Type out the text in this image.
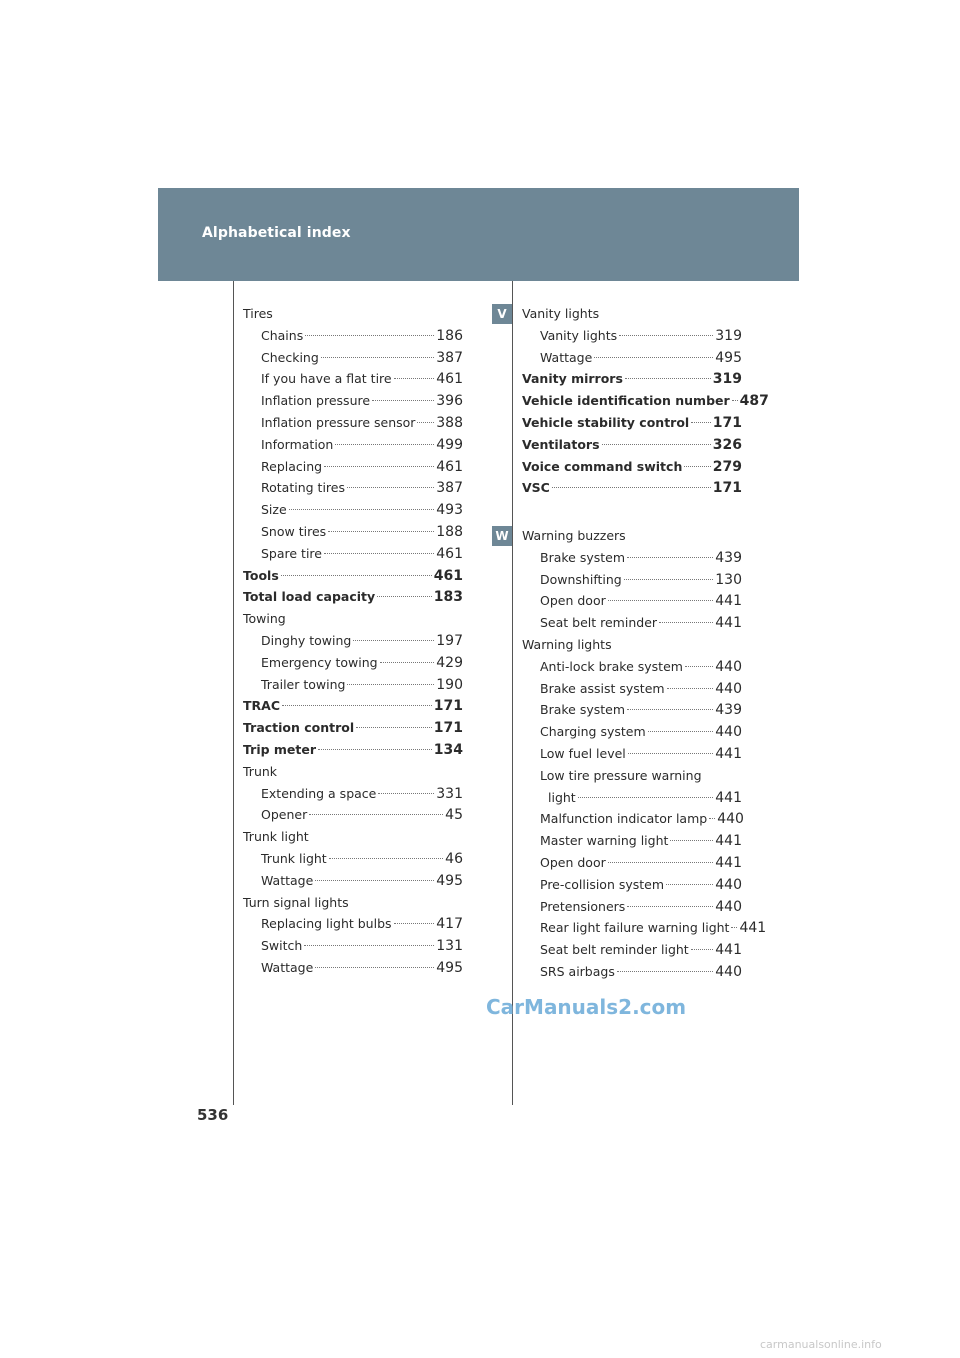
Alphabetical index
Tires
Chains	186
Checking	387
If you have a flat tire	461
Inflation pressure	396
Inflation pressure sensor 388
Information	499
Replacing	461
Rotating tires	387
Size	493
Snow tires	188
Spare tire	461
Tools	461
Total load capacity	183
Towing
Dinghy towing	197
Emergency towing	429
Trailer towing	190
TRAC	171
Traction control	171
Trip meter	134
Trunk
Extending a space	331
Opener	45
Trunk light
Trunk light	46
Wattage	495
Turn signal lights
Replacing light bulbs	417
Switch	131
Wattage	495
V	Vanity lights
Vanity lights	319
Wattage	495
Vanity mirrors	319
Vehicle identification number 487
Vehicle stability control 171
Ventilators	326
Voice command switch 279
VSC	171
W Warning buzzers
Brake system	439
Downshifting	130
Open door	441
Seat belt reminder	441
Warning lights
Anti-lock brake system 440
Brake assist system	440
Brake system	439
Charging system	440
Low fuel level	441
Low tire pressure warning
light	441
Malfunction indicator lamp 440
Master warning light	441
Open door	441
Pre-collision system	440
Pretensioners	440
Rear light failure warning light 441
Seat belt reminder light 441
SRS airbags	440
536
CarManuals2.com
carmanualsonline.info
